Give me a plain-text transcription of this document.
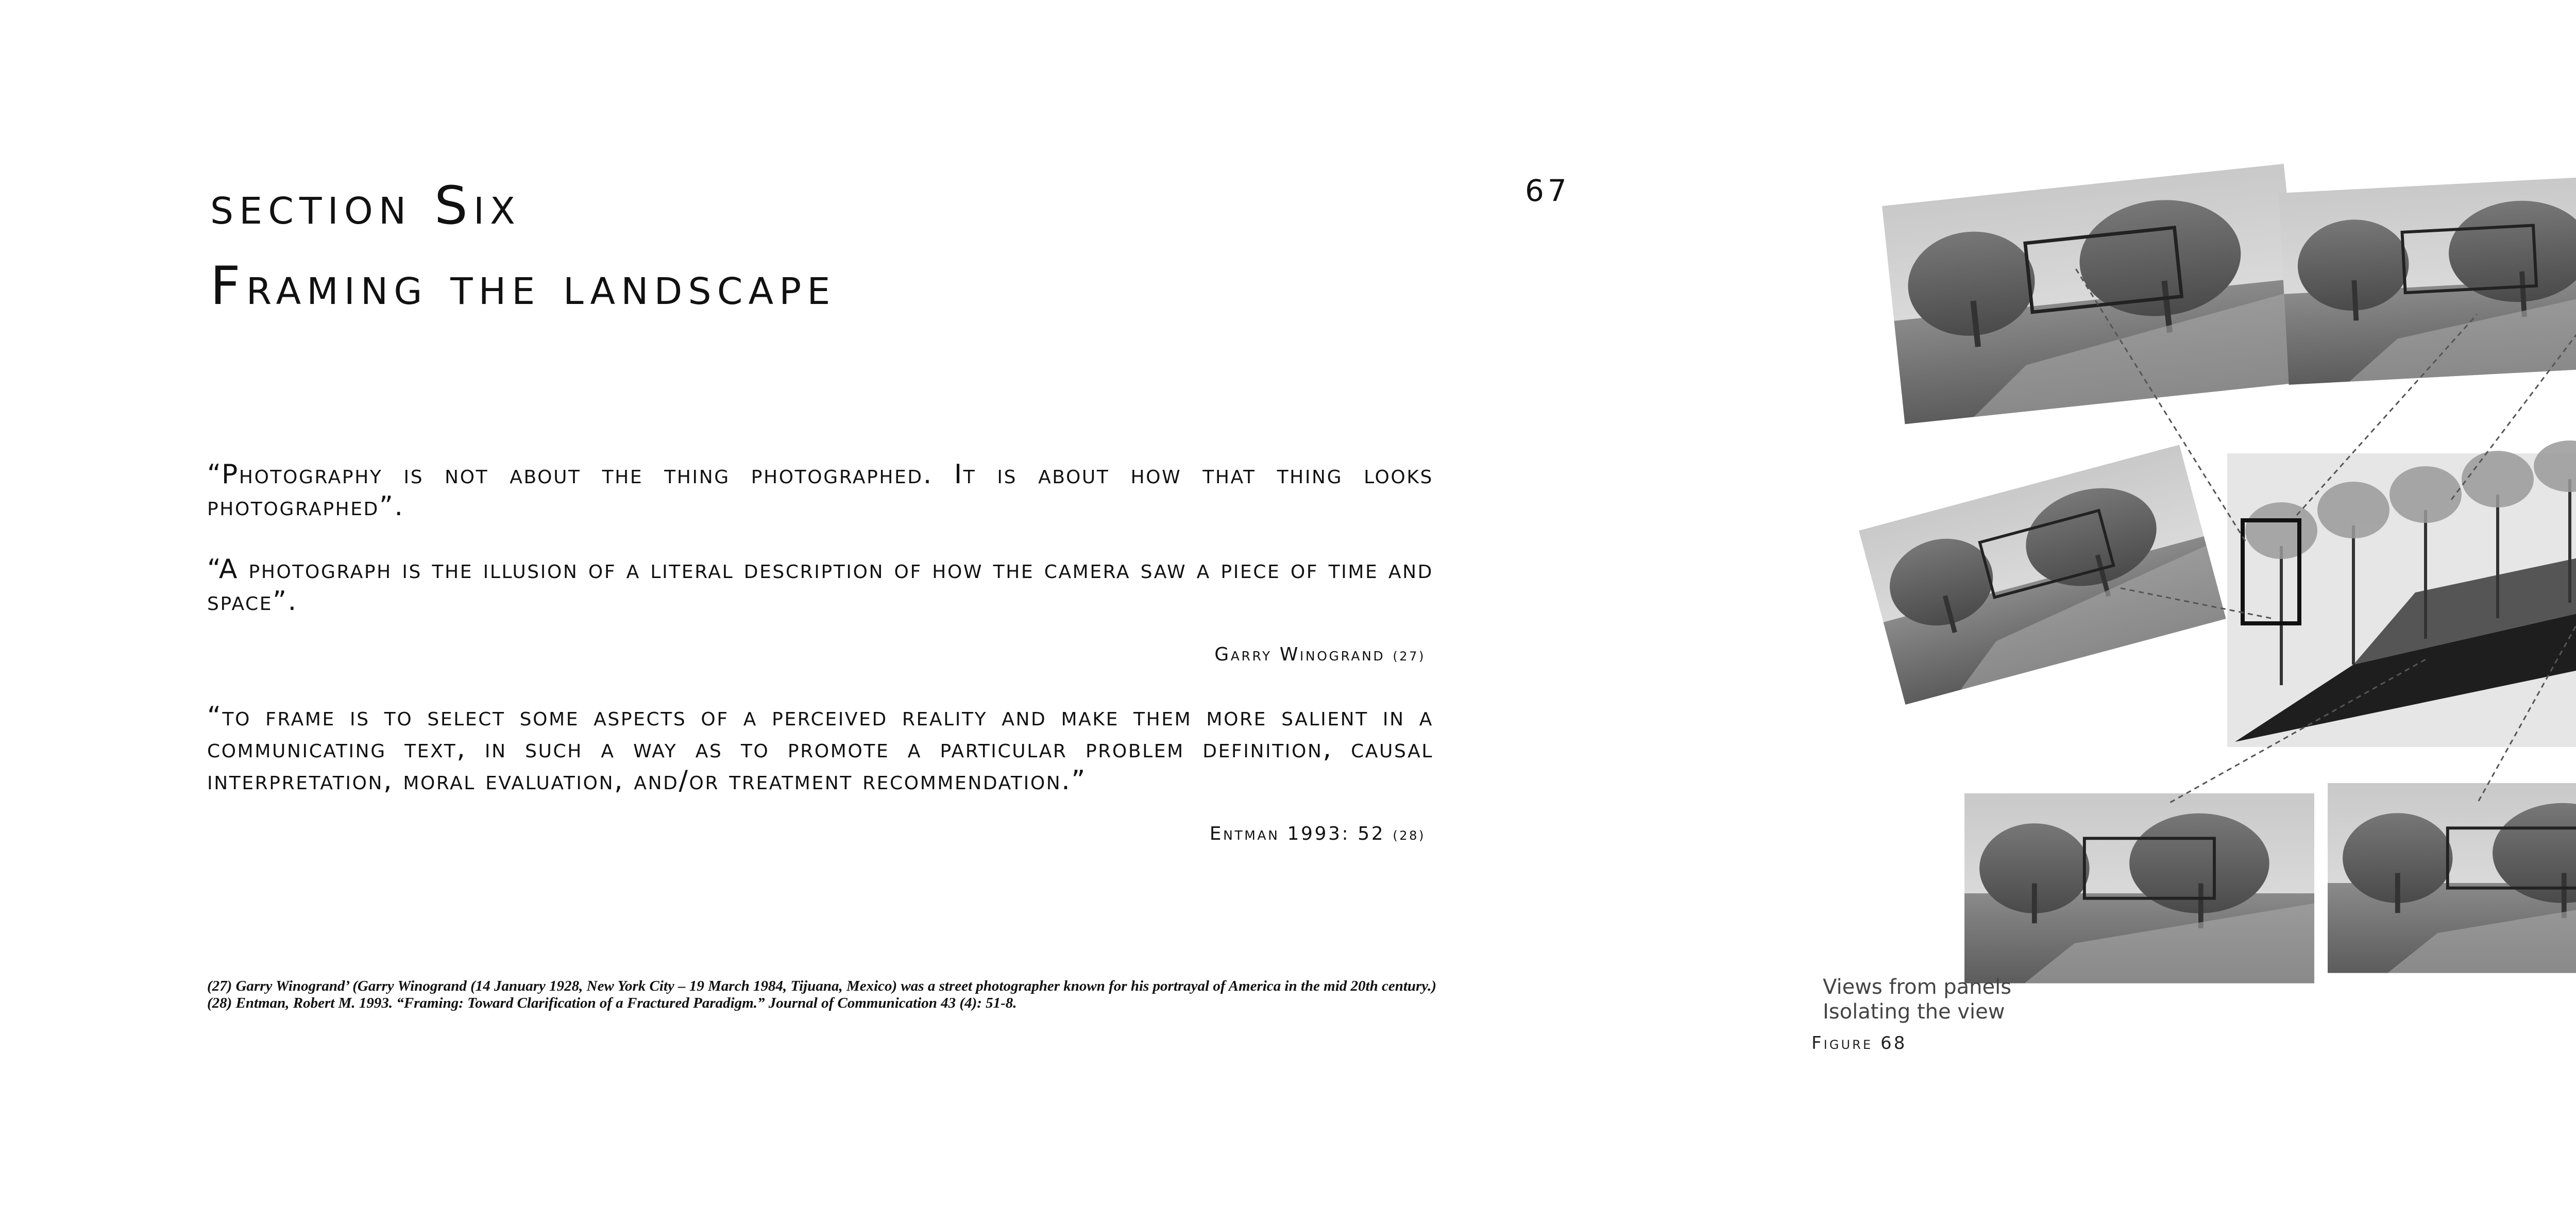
67
section Six
Framing the landscape

“Photography is not about the thing photographed. It is about how that thing looks photographed”.

“A photograph is the illusion of a literal description of how the camera saw a piece of time and space”.

Garry Winogrand (27)

“to frame is to select some aspects of a perceived reality and make them more salient in a communicating text, in such a way as to promote a particular problem definition, causal interpretation, moral evaluation, and/or treatment recommendation.”

Entman 1993: 52 (28)

(27) Garry Winogrand’ (Garry Winogrand (14 January 1928, New York City – 19 March 1984, Tijuana, Mexico) was a street photographer known for his portrayal of America in the mid 20th century.)

(28) Entman, Robert M. 1993. “Framing: Toward Clarification of a Fractured Paradigm.” Journal of Communication 43 (4): 51-8.

Views from panels
Isolating the view
Figure 68
